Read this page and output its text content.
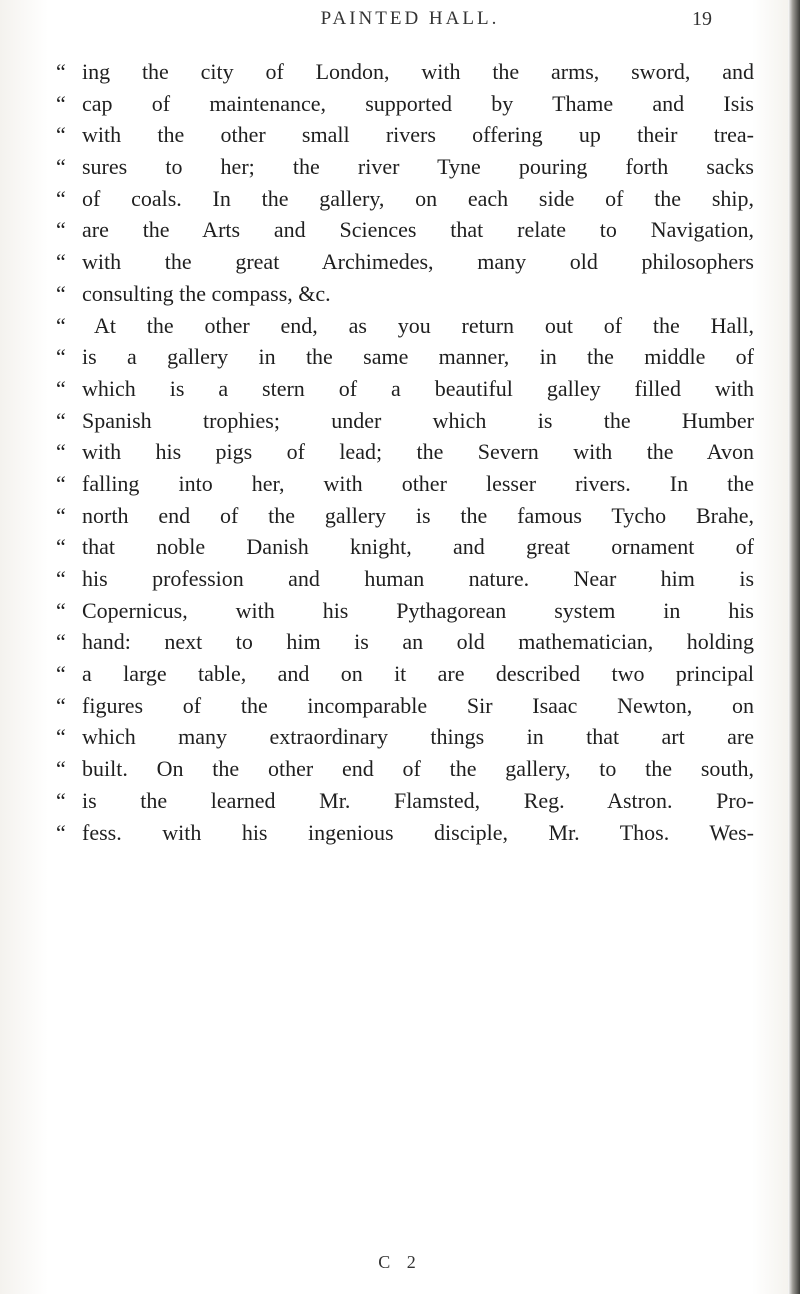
PAINTED HALL.	19
“ ing the city of London, with the arms, sword, and
“ cap of maintenance, supported by Thame and Isis
“ with the other small rivers offering up their trea-
“ sures to her; the river Tyne pouring forth sacks
“ of coals. In the gallery, on each side of the ship,
“ are the Arts and Sciences that relate to Navigation,
“ with the great Archimedes, many old philosophers
“ consulting the compass, &c.
“ At the other end, as you return out of the Hall,
“ is a gallery in the same manner, in the middle of
“ which is a stern of a beautiful galley filled with
“ Spanish trophies; under which is the Humber
“ with his pigs of lead; the Severn with the Avon
“ falling into her, with other lesser rivers. In the
“ north end of the gallery is the famous Tycho Brahe,
“ that noble Danish knight, and great ornament of
“ his profession and human nature. Near him is
“ Copernicus, with his Pythagorean system in his
“ hand: next to him is an old mathematician, holding
“ a large table, and on it are described two principal
“ figures of the incomparable Sir Isaac Newton, on
“ which many extraordinary things in that art are
“ built. On the other end of the gallery, to the south,
“ is the learned Mr. Flamsted, Reg. Astron. Pro-
“ fess. with his ingenious disciple, Mr. Thos. Wes-
C 2
